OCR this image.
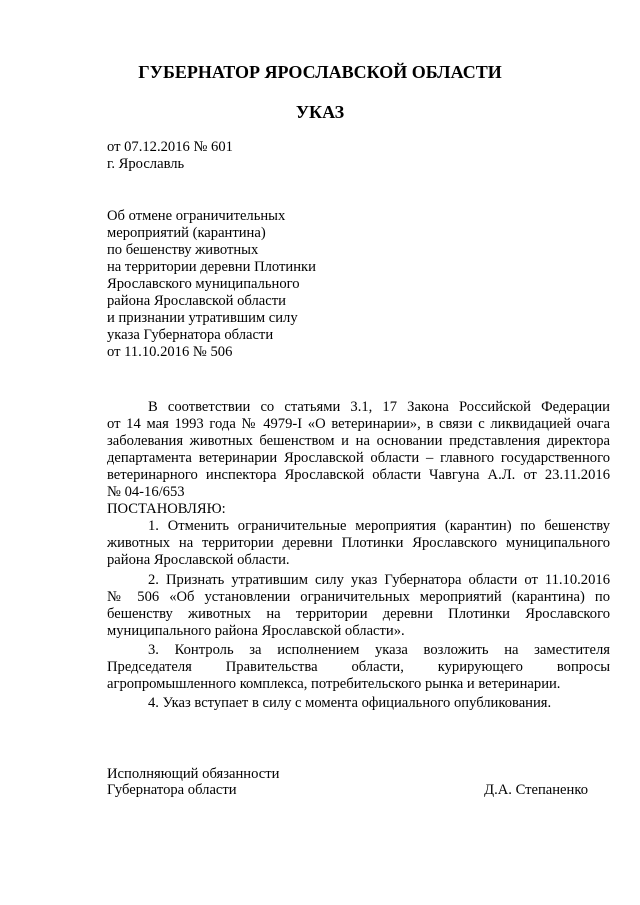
ГУБЕРНАТОР ЯРОСЛАВСКОЙ ОБЛАСТИ
УКАЗ
от 07.12.2016 № 601
г. Ярославль
Об отмене ограничительных
мероприятий (карантина)
по бешенству животных
на территории деревни Плотинки
Ярославского муниципального
района Ярославской области
и признании утратившим силу
указа Губернатора области
от 11.10.2016 № 506
В соответствии со статьями 3.1, 17 Закона Российской Федерации
от 14 мая 1993 года № 4979-I «О ветеринарии», в связи с ликвидацией очага
заболевания животных бешенством и на основании представления директора
департамента ветеринарии Ярославской области – главного государственного
ветеринарного инспектора Ярославской области Чавгуна А.Л. от 23.11.2016
№ 04-16/653
ПОСТАНОВЛЯЮ:
1. Отменить ограничительные мероприятия (карантин) по бешенству
животных на территории деревни Плотинки Ярославского муниципального
района Ярославской области.
2. Признать утратившим силу указ Губернатора области от 11.10.2016
№ 506 «Об установлении ограничительных мероприятий (карантина) по
бешенству животных на территории деревни Плотинки Ярославского
муниципального района Ярославской области».
3. Контроль за исполнением указа возложить на заместителя
Председателя Правительства области, курирующего вопросы
агропромышленного комплекса, потребительского рынка и ветеринарии.
4. Указ вступает в силу с момента официального опубликования.
Исполняющий обязанности
Губернатора области	Д.А. Степаненко
